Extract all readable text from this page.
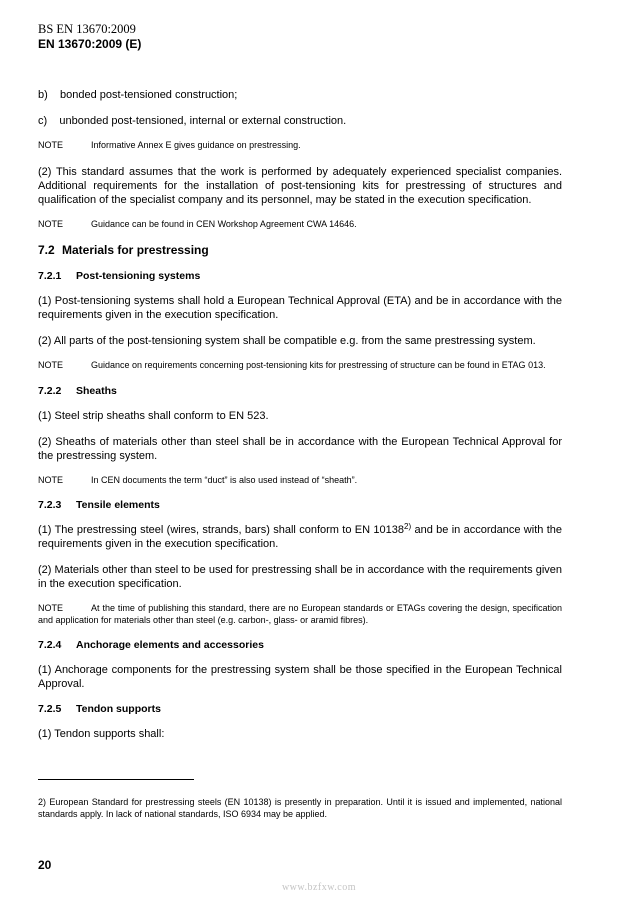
BS EN 13670:2009
EN 13670:2009 (E)

b)    bonded post-tensioned construction;

c)    unbonded post-tensioned, internal or external construction.

NOTE	Informative Annex E gives guidance on prestressing.

(2) This standard assumes that the work is performed by adequately experienced specialist companies. Additional requirements for the installation of post-tensioning kits for prestressing of structures and qualification of the specialist company and its personnel, may be stated in the execution specification.

NOTE	Guidance can be found in CEN Workshop Agreement CWA 14646.

7.2 Materials for prestressing
7.2.1 Post-tensioning systems

(1) Post-tensioning systems shall hold a European Technical Approval (ETA) and be in accordance with the requirements given in the execution specification.

(2) All parts of the post-tensioning system shall be compatible e.g. from the same prestressing system.

NOTE	Guidance on requirements concerning post-tensioning kits for prestressing of structure can be found in ETAG 013.

7.2.2 Sheaths

(1) Steel strip sheaths shall conform to EN 523.

(2) Sheaths of materials other than steel shall be in accordance with the European Technical Approval for the prestressing system.

NOTE	In CEN documents the term “duct” is also used instead of “sheath”.

7.2.3 Tensile elements

(1) The prestressing steel (wires, strands, bars) shall conform to EN 10138$^{2)}$ and be in accordance with the requirements given in the execution specification.

(2) Materials other than steel to be used for prestressing shall be in accordance with the requirements given in the execution specification.

NOTE	At the time of publishing this standard, there are no European standards or ETAGs covering the design, specification and application for materials other than steel (e.g. carbon-, glass- or aramid fibres).

7.2.4 Anchorage elements and accessories

(1) Anchorage components for the prestressing system shall be those specified in the European Technical Approval.

7.2.5 Tendon supports

(1) Tendon supports shall:

2) European Standard for prestressing steels (EN 10138) is presently in preparation. Until it is issued and implemented, national standards apply. In lack of national standards, ISO 6934 may be applied.
20
www.bzfxw.com
